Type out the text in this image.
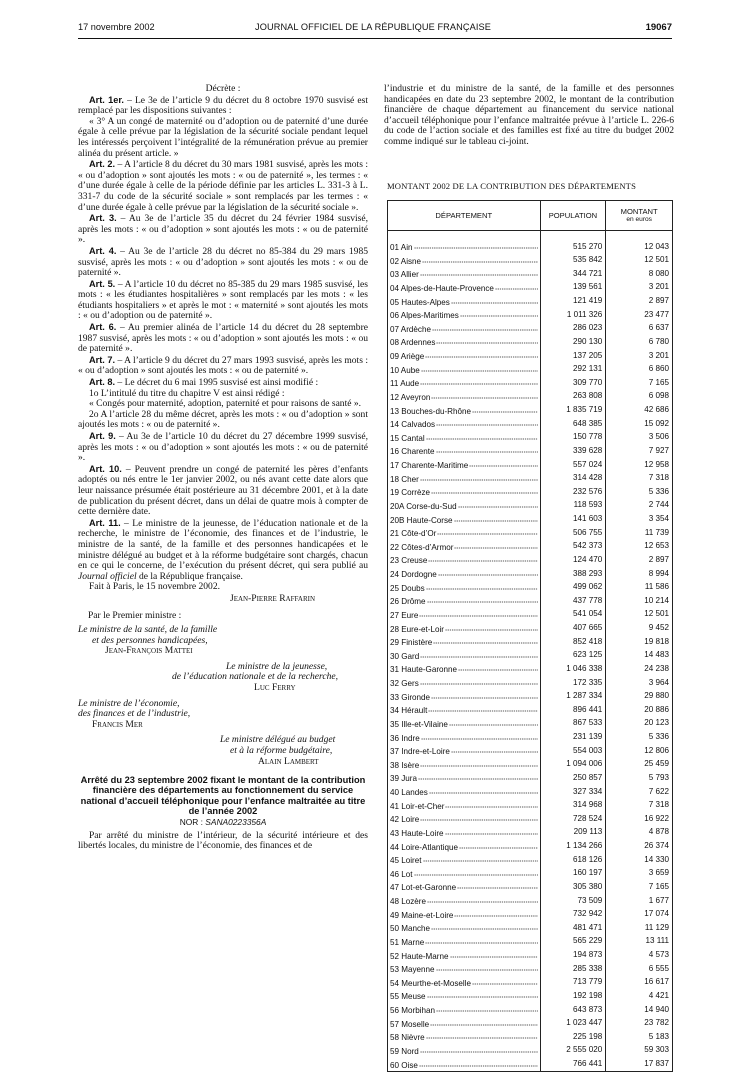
17 novembre 2002	JOURNAL OFFICIEL DE LA RÉPUBLIQUE FRANÇAISE	19067

Décrète :

Art. 1er. – Le 3e de l’article 9 du décret du 8 octobre 1970 susvisé est remplacé par les dispositions suivantes :

« 3° A un congé de maternité ou d’adoption ou de paternité d’une durée égale à celle prévue par la législation de la sécurité sociale pendant lequel les intéressés perçoivent l’intégralité de la rémunération prévue au premier alinéa du présent article. »

Art. 2. – A l’article 8 du décret du 30 mars 1981 susvisé, après les mots : « ou d’adoption » sont ajoutés les mots : « ou de paternité », les termes : « d’une durée égale à celle de la période définie par les articles L. 331-3 à L. 331-7 du code de la sécurité sociale » sont remplacés par les termes : « d’une durée égale à celle prévue par la législation de la sécurité sociale ».

Art. 3. – Au 3e de l’article 35 du décret du 24 février 1984 susvisé, après les mots : « ou d’adoption » sont ajoutés les mots : « ou de paternité ».

Art. 4. – Au 3e de l’article 28 du décret no 85-384 du 29 mars 1985 susvisé, après les mots : « ou d’adoption » sont ajoutés les mots : « ou de paternité ».

Art. 5. – A l’article 10 du décret no 85-385 du 29 mars 1985 susvisé, les mots : « les étudiantes hospitalières » sont remplacés par les mots : « les étudiants hospitaliers » et après le mot : « maternité » sont ajoutés les mots : « ou d’adoption ou de paternité ».

Art. 6. – Au premier alinéa de l’article 14 du décret du 28 septembre 1987 susvisé, après les mots : « ou d’adoption » sont ajoutés les mots : « ou de paternité ».

Art. 7. – A l’article 9 du décret du 27 mars 1993 susvisé, après les mots : « ou d’adoption » sont ajoutés les mots : « ou de paternité ».

Art. 8. – Le décret du 6 mai 1995 susvisé est ainsi modifié :

1o L’intitulé du titre du chapitre V est ainsi rédigé :

« Congés pour maternité, adoption, paternité et pour raisons de santé ».

2o A l’article 28 du même décret, après les mots : « ou d’adoption » sont ajoutés les mots : « ou de paternité ».

Art. 9. – Au 3e de l’article 10 du décret du 27 décembre 1999 susvisé, après les mots : « ou d’adoption » sont ajoutés les mots : « ou de paternité ».

Art. 10. – Peuvent prendre un congé de paternité les pères d’enfants adoptés ou nés entre le 1er janvier 2002, ou nés avant cette date alors que leur naissance présumée était postérieure au 31 décembre 2001, et à la date de publication du présent décret, dans un délai de quatre mois à compter de cette dernière date.

Art. 11. – Le ministre de la jeunesse, de l’éducation nationale et de la recherche, le ministre de l’économie, des finances et de l’industrie, le ministre de la santé, de la famille et des personnes handicapées et le ministre délégué au budget et à la réforme budgétaire sont chargés, chacun en ce qui le concerne, de l’exécution du présent décret, qui sera publié au Journal officiel de la République française.

Fait à Paris, le 15 novembre 2002.

Jean-Pierre Raffarin

Par le Premier ministre :

Le ministre de la santé, de la famille

et des personnes handicapées,

Jean-François Mattei

Le ministre de la jeunesse,

de l’éducation nationale et de la recherche,

Luc Ferry

Le ministre de l’économie,

des finances et de l’industrie,

Francis Mer

Le ministre délégué au budget

et à la réforme budgétaire,

Alain Lambert

Arrêté du 23 septembre 2002 fixant le montant de la contribution financière des départements au fonctionnement du service national d’accueil téléphonique pour l’enfance maltraitée au titre de l’année 2002

NOR : SANA0223356A

Par arrêté du ministre de l’intérieur, de la sécurité intérieure et des libertés locales, du ministre de l’économie, des finances et de

l’industrie et du ministre de la santé, de la famille et des personnes handicapées en date du 23 septembre 2002, le montant de la contribution financière de chaque département au financement du service national d’accueil téléphonique pour l’enfance maltraitée prévue à l’article L. 226-6 du code de l’action sociale et des familles est fixé au titre du budget 2002 comme indiqué sur le tableau ci-joint.

MONTANT 2002 DE LA CONTRIBUTION DES DÉPARTEMENTS
DÉPARTEMENT	POPULATION	MONTANT
en euros

01 Ain	515 270	12 043

02 Aisne	535 842	12 501

03 Allier	344 721	8 080

04 Alpes-de-Haute-Provence	139 561	3 201

05 Hautes-Alpes	121 419	2 897

06 Alpes-Maritimes	1 011 326	23 477

07 Ardèche	286 023	6 637

08 Ardennes	290 130	6 780

09 Ariège	137 205	3 201

10 Aube	292 131	6 860

11 Aude	309 770	7 165

12 Aveyron	263 808	6 098

13 Bouches-du-Rhône	1 835 719	42 686

14 Calvados	648 385	15 092

15 Cantal	150 778	3 506

16 Charente	339 628	7 927

17 Charente-Maritime	557 024	12 958

18 Cher	314 428	7 318

19 Corrèze	232 576	5 336

20A Corse-du-Sud	118 593	2 744

20B Haute-Corse	141 603	3 354

21 Côte-d’Or	506 755	11 739

22 Côtes-d’Armor	542 373	12 653

23 Creuse	124 470	2 897

24 Dordogne	388 293	8 994

25 Doubs	499 062	11 586

26 Drôme	437 778	10 214

27 Eure	541 054	12 501

28 Eure-et-Loir	407 665	9 452

29 Finistère	852 418	19 818

30 Gard	623 125	14 483

31 Haute-Garonne	1 046 338	24 238

32 Gers	172 335	3 964

33 Gironde	1 287 334	29 880

34 Hérault	896 441	20 886

35 Ille-et-Vilaine	867 533	20 123

36 Indre	231 139	5 336

37 Indre-et-Loire	554 003	12 806

38 Isère	1 094 006	25 459

39 Jura	250 857	5 793

40 Landes	327 334	7 622

41 Loir-et-Cher	314 968	7 318

42 Loire	728 524	16 922

43 Haute-Loire	209 113	4 878

44 Loire-Atlantique	1 134 266	26 374

45 Loiret	618 126	14 330

46 Lot	160 197	3 659

47 Lot-et-Garonne	305 380	7 165

48 Lozère	73 509	1 677

49 Maine-et-Loire	732 942	17 074

50 Manche	481 471	11 129

51 Marne	565 229	13 111

52 Haute-Marne	194 873	4 573

53 Mayenne	285 338	6 555

54 Meurthe-et-Moselle	713 779	16 617

55 Meuse	192 198	4 421

56 Morbihan	643 873	14 940

57 Moselle	1 023 447	23 782

58 Nièvre	225 198	5 183

59 Nord	2 555 020	59 303

60 Oise	766 441	17 837
